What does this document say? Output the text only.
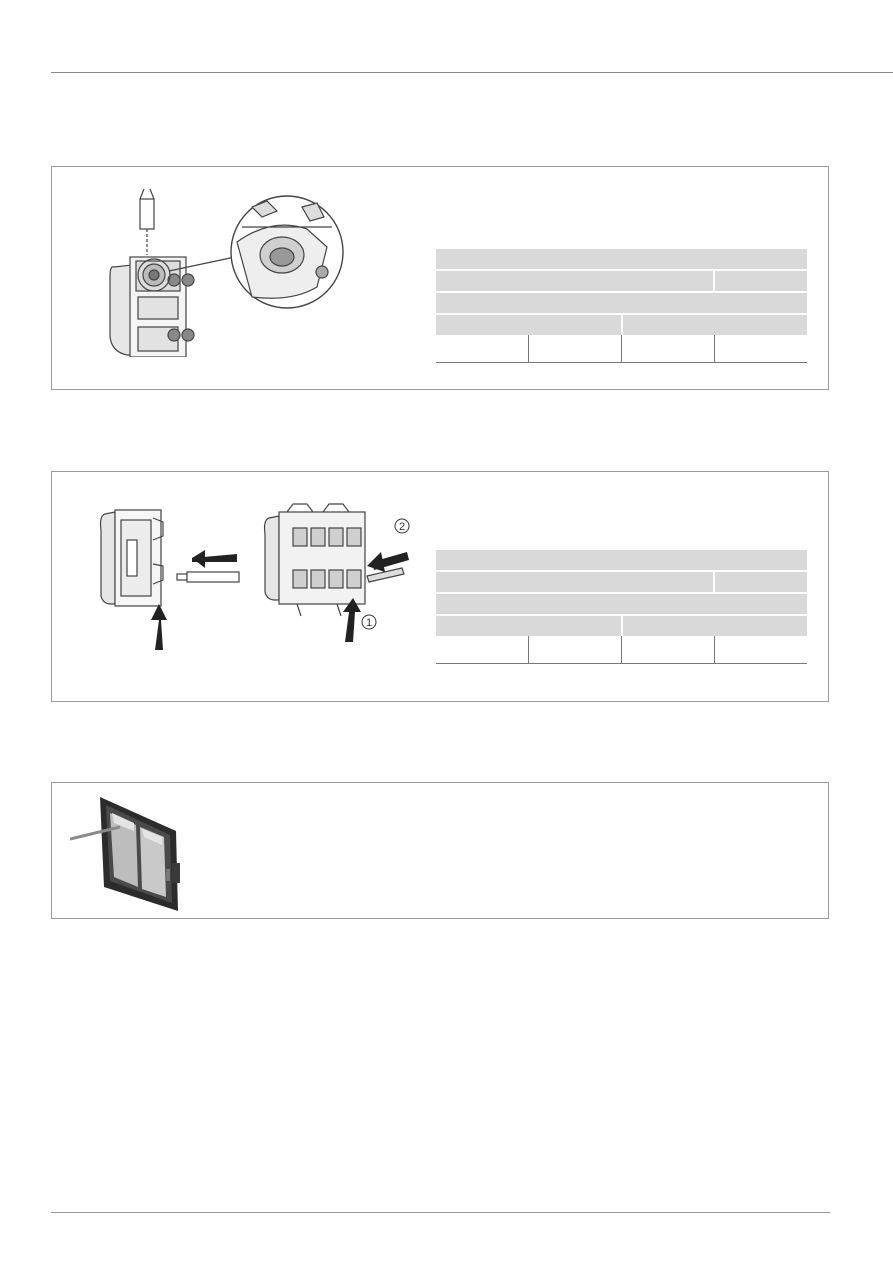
2
1
